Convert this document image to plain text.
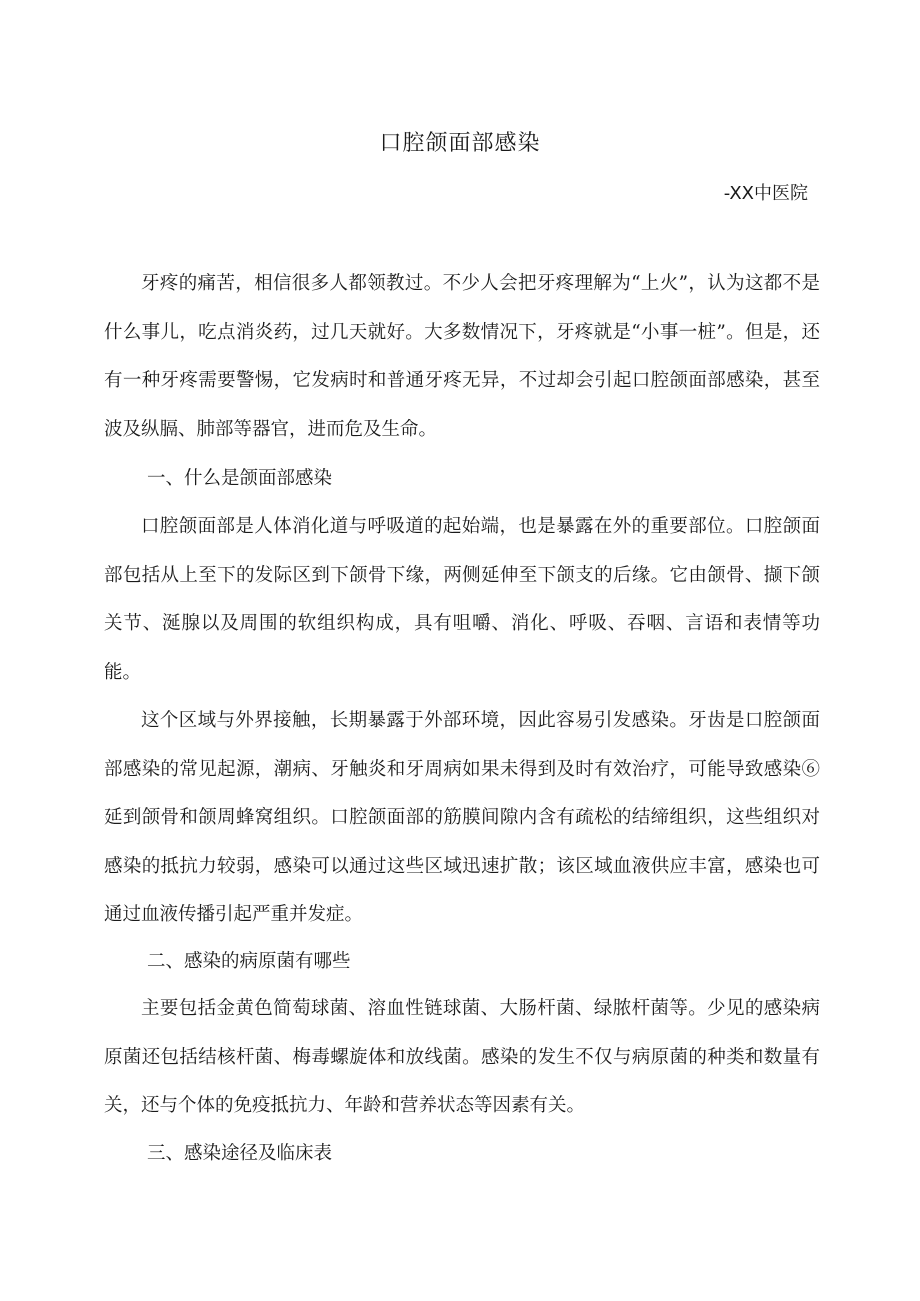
口腔颌面部感染
-XX中医院

牙疼的痛苦，相信很多人都领教过。不少人会把牙疼理解为“上火”，认为这都不是什么事儿，吃点消炎药，过几天就好。大多数情况下，牙疼就是“小事一桩”。但是，还有一种牙疼需要警惕，它发病时和普通牙疼无异，不过却会引起口腔颌面部感染，甚至波及纵膈、肺部等器官，进而危及生命。

一、什么是颌面部感染

口腔颌面部是人体消化道与呼吸道的起始端，也是暴露在外的重要部位。口腔颌面部包括从上至下的发际区到下颌骨下缘，两侧延伸至下颌支的后缘。它由颌骨、撷下颌关节、涎腺以及周围的软组织构成，具有咀嚼、消化、呼吸、吞咽、言语和表情等功能。

这个区域与外界接触，长期暴露于外部环境，因此容易引发感染。牙齿是口腔颌面部感染的常见起源，潮病、牙触炎和牙周病如果未得到及时有效治疗，可能导致感染⑥延到颌骨和颌周蜂窝组织。口腔颌面部的筋膜间隙内含有疏松的结缔组织，这些组织对感染的抵抗力较弱，感染可以通过这些区域迅速扩散；该区域血液供应丰富，感染也可通过血液传播引起严重并发症。

二、感染的病原菌有哪些

主要包括金黄色简萄球菌、溶血性链球菌、大肠杆菌、绿脓杆菌等。少见的感染病原菌还包括结核杆菌、梅毒螺旋体和放线菌。感染的发生不仅与病原菌的种类和数量有关，还与个体的免疫抵抗力、年龄和营养状态等因素有关。

三、感染途径及临床表
